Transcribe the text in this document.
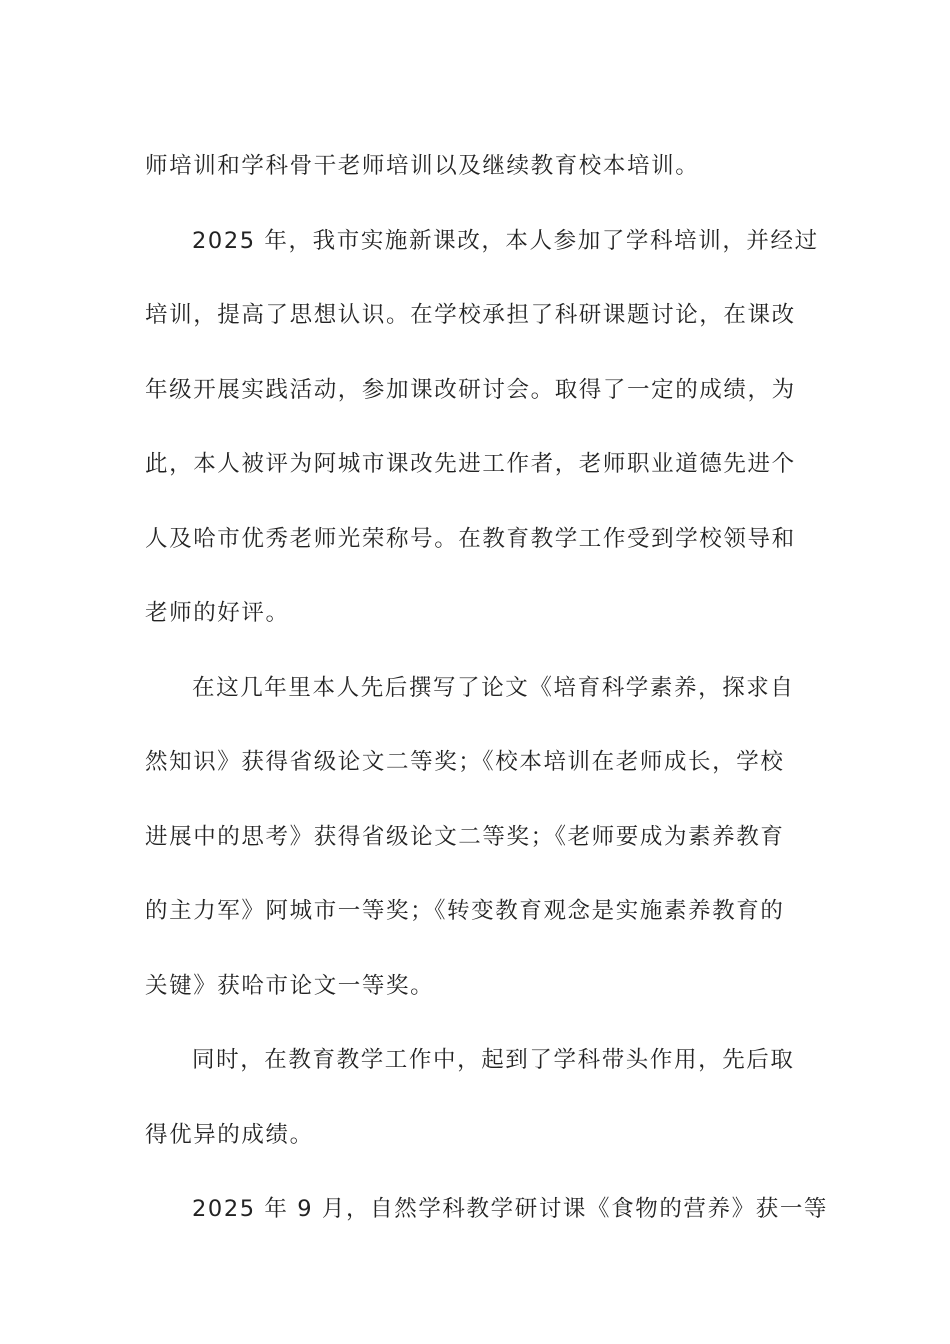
师培训和学科骨干老师培训以及继续教育校本培训。
2025 年，我市实施新课改，本人参加了学科培训，并经过
培训，提高了思想认识。在学校承担了科研课题讨论，在课改
年级开展实践活动，参加课改研讨会。取得了一定的成绩，为
此，本人被评为阿城市课改先进工作者，老师职业道德先进个
人及哈市优秀老师光荣称号。在教育教学工作受到学校领导和
老师的好评。
在这几年里本人先后撰写了论文《培育科学素养，探求自
然知识》获得省级论文二等奖；《校本培训在老师成长，学校
进展中的思考》获得省级论文二等奖；《老师要成为素养教育
的主力军》阿城市一等奖；《转变教育观念是实施素养教育的
关键》获哈市论文一等奖。
同时，在教育教学工作中，起到了学科带头作用，先后取
得优异的成绩。
2025 年 9 月，自然学科教学研讨课《食物的营养》获一等
